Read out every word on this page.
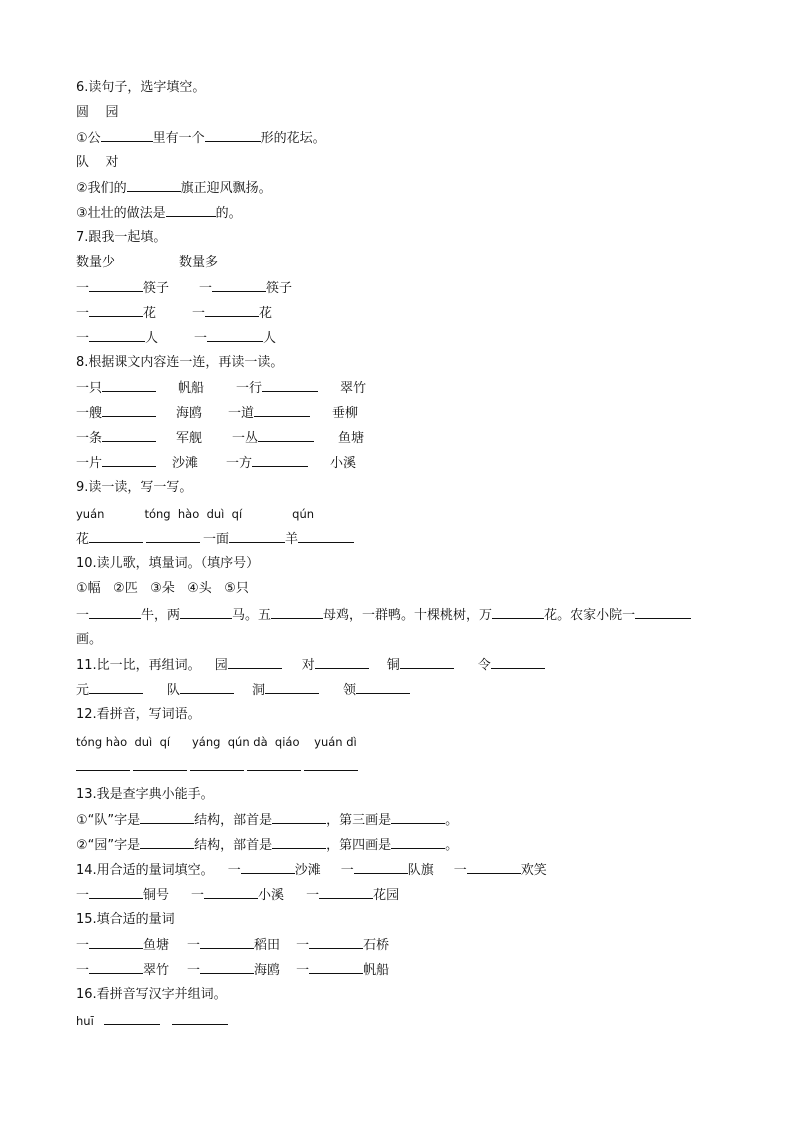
6.读句子，选字填空。
圆    园
①公	里有一个	形的花坛。
队    对
②我们的	旗正迎风飘扬。
③壮壮的做法是	的。
7.跟我一起填。
数量少	数量多
一	筷子 一	筷子
一	花	一	花
一	人	一	人
8.根据课文内容连一连，再读一读。
一只	帆船 一行	翠竹
一艘	海鸥 一道	垂柳
一条	军舰 一丛	鱼塘
一片	沙滩 一方	小溪
9.读一读，写一写。
yuán	tóng  hào  duì  qí	qún
花	一面	羊
10.读儿歌，填量词。（填序号）
①幅   ②匹   ③朵   ④头   ⑤只
一	牛，两	马。五	母鸡，一群鸭。十棵桃树，万	花。农家小院一
画。
11.比一比，再组词。 园	对	铜	令
元	队	洞	领
12.看拼音，写词语。
tóng hào  duì  qí      yáng  qún dà  qiáo    yuán dì
13.我是查字典小能手。
①“队”字是	结构，部首是	，第三画是	。
②“园”字是	结构，部首是	，第四画是	。
14.用合适的量词填空。 一	沙滩 一	队旗 一	欢笑
一	铜号 一	小溪 一	花园
15.填合适的量词
一	鱼塘 一	稻田 一	石桥
一	翠竹 一	海鸥 一	帆船
16.看拼音写汉字并组词。
huī
